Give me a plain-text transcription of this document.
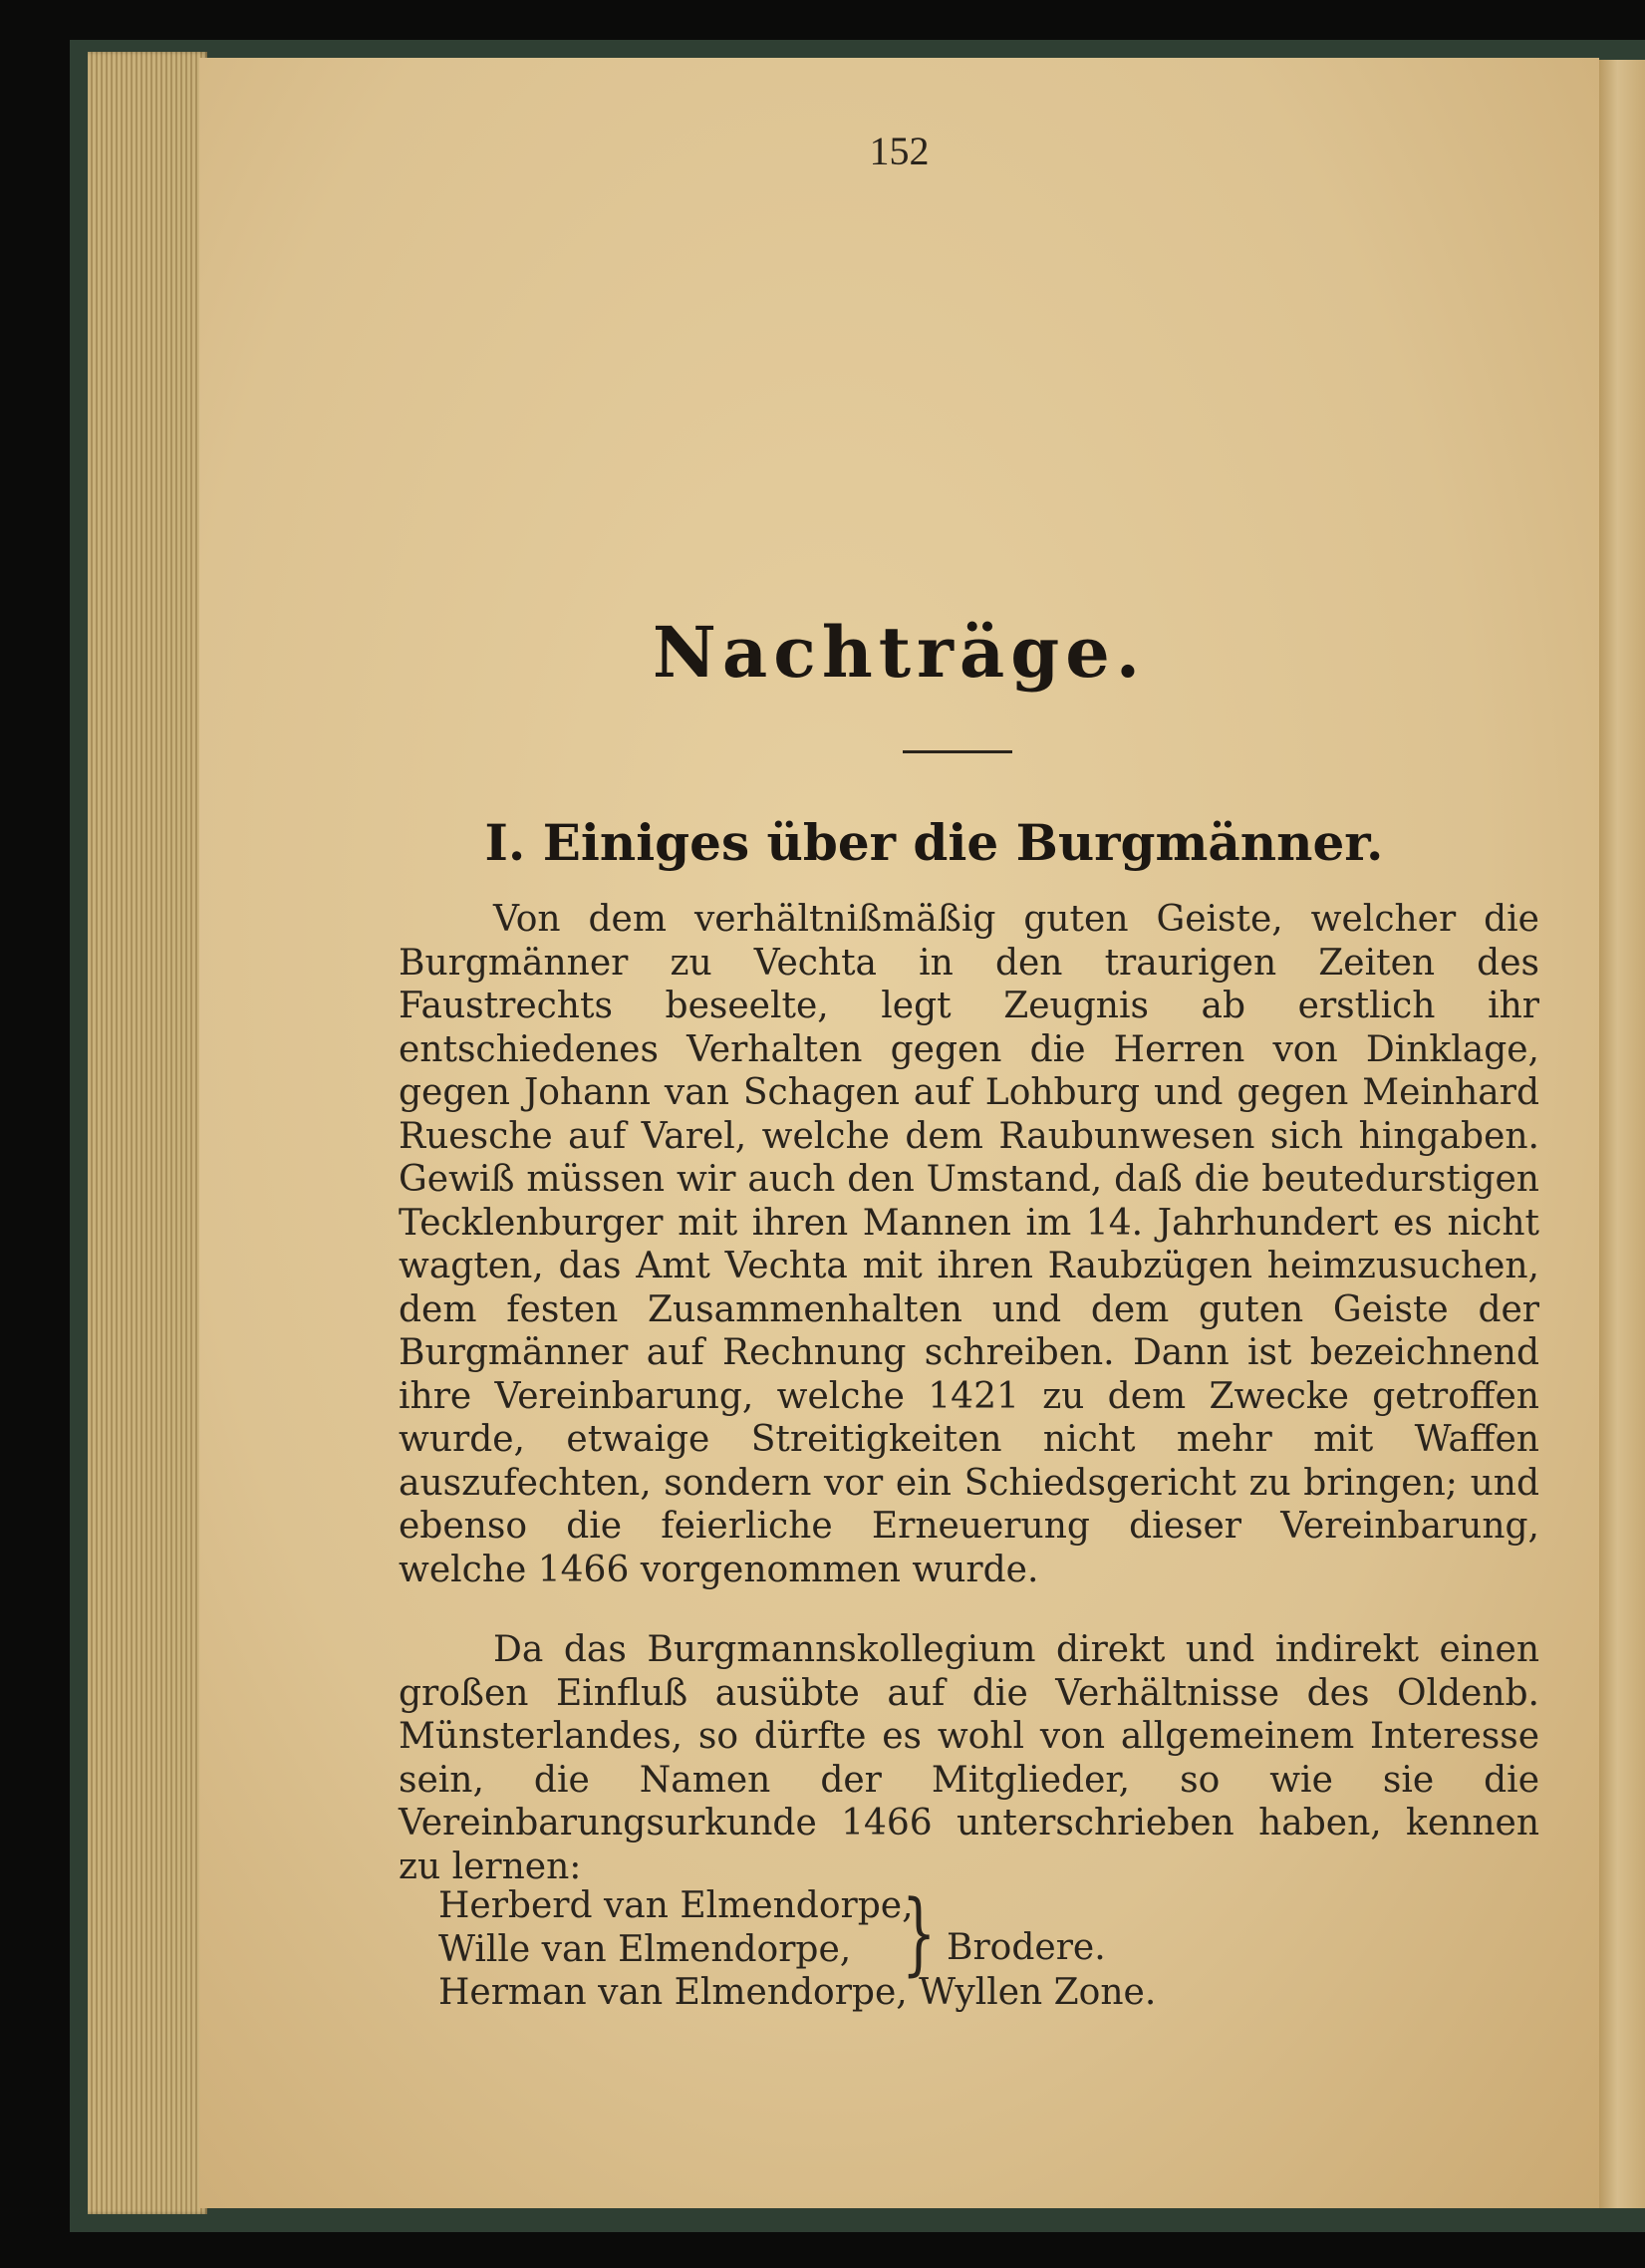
152
Nachträge.
I. Einiges über die Burgmänner.

Von dem verhältnißmäßig guten Geiste, welcher die Burgmänner zu Vechta in den traurigen Zeiten des Faustrechts beseelte, legt Zeugnis ab erstlich ihr entschiedenes Verhalten gegen die Herren von Dinklage, gegen Johann van Schagen auf Lohburg und gegen Meinhard Ruesche auf Varel, welche dem Raubunwesen sich hingaben. Gewiß müssen wir auch den Umstand, daß die beutedurstigen Tecklenburger mit ihren Mannen im 14. Jahrhundert es nicht wagten, das Amt Vechta mit ihren Raubzügen heimzusuchen, dem festen Zusammenhalten und dem guten Geiste der Burgmänner auf Rechnung schreiben. Dann ist bezeichnend ihre Vereinbarung, welche 1421 zu dem Zwecke getroffen wurde, etwaige Streitigkeiten nicht mehr mit Waffen auszufechten, sondern vor ein Schiedsgericht zu bringen; und ebenso die feierliche Erneuerung dieser Vereinbarung, welche 1466 vorgenommen wurde.

Da das Burgmannskollegium direkt und indirekt einen großen Einfluß ausübte auf die Verhältnisse des Oldenb. Münsterlandes, so dürfte es wohl von allgemeinem Interesse sein, die Namen der Mitglieder, so wie sie die Vereinbarungsurkunde 1466 unterschrieben haben, kennen zu lernen:

Herberd van Elmendorpe,
Wille van Elmendorpe,
Herman van Elmendorpe, Wyllen Zone.
} Brodere.
